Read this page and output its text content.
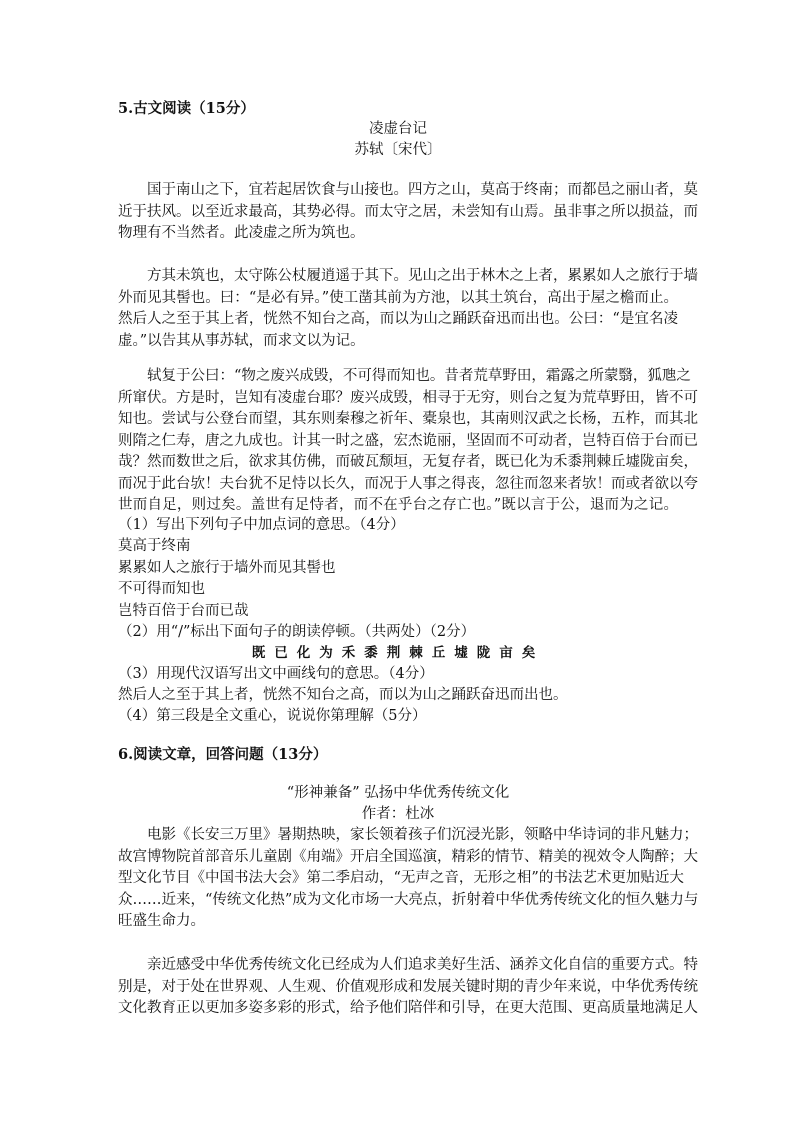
5.古文阅读（15分）
凌虚台记
苏轼〔宋代〕
国于南山之下，宜若起居饮食与山接也。四方之山，莫高于终南；而都邑之丽山者，莫
近于扶风。以至近求最高，其势必得。而太守之居，未尝知有山焉。虽非事之所以损益，而
物理有不当然者。此凌虚之所为筑也。
方其未筑也，太守陈公杖履逍遥于其下。见山之出于林木之上者，累累如人之旅行于墙
外而见其髻也。曰：“是必有异。”使工凿其前为方池，以其土筑台，高出于屋之檐而止。
然后人之至于其上者，恍然不知台之高，而以为山之踊跃奋迅而出也。公曰：“是宜名凌
虚。”以告其从事苏轼，而求文以为记。
轼复于公曰：“物之废兴成毁，不可得而知也。昔者荒草野田，霜露之所蒙翳，狐虺之
所窜伏。方是时，岂知有凌虚台耶？废兴成毁，相寻于无穷，则台之复为荒草野田，皆不可
知也。尝试与公登台而望，其东则秦穆之祈年、橐泉也，其南则汉武之长杨，五柞，而其北
则隋之仁寿，唐之九成也。计其一时之盛，宏杰诡丽，坚固而不可动者，岂特百倍于台而已
哉？然而数世之后，欲求其仿佛，而破瓦颓垣，无复存者，既已化为禾黍荆棘丘墟陇亩矣，
而况于此台欤！夫台犹不足恃以长久，而况于人事之得丧，忽往而忽来者欤！而或者欲以夸
世而自足，则过矣。盖世有足恃者，而不在乎台之存亡也。”既以言于公，退而为之记。
（1）写出下列句子中加点词的意思。（4分）
莫高于终南
累累如人之旅行于墙外而见其髻也
不可得而知也
岂特百倍于台而已哉
（2）用“/”标出下面句子的朗读停顿。（共两处）（2分）
既已化为禾黍荆棘丘墟陇亩矣
（3）用现代汉语写出文中画线句的意思。（4分）
然后人之至于其上者，恍然不知台之高，而以为山之踊跃奋迅而出也。
（4）第三段是全文重心，说说你第理解（5分）
6.阅读文章，回答问题（13分）
“形神兼备” 弘扬中华优秀传统文化
作者：杜冰
电影《长安三万里》暑期热映，家长领着孩子们沉浸光影，领略中华诗词的非凡魅力；
故宫博物院首部音乐儿童剧《甪端》开启全国巡演，精彩的情节、精美的视效令人陶醉；大
型文化节目《中国书法大会》第二季启动，“无声之音，无形之相”的书法艺术更加贴近大
众……近来，“传统文化热”成为文化市场一大亮点，折射着中华优秀传统文化的恒久魅力与
旺盛生命力。
亲近感受中华优秀传统文化已经成为人们追求美好生活、涵养文化自信的重要方式。特
别是，对于处在世界观、人生观、价值观形成和发展关键时期的青少年来说，中华优秀传统
文化教育正以更加多姿多彩的形式，给予他们陪伴和引导，在更大范围、更高质量地满足人
